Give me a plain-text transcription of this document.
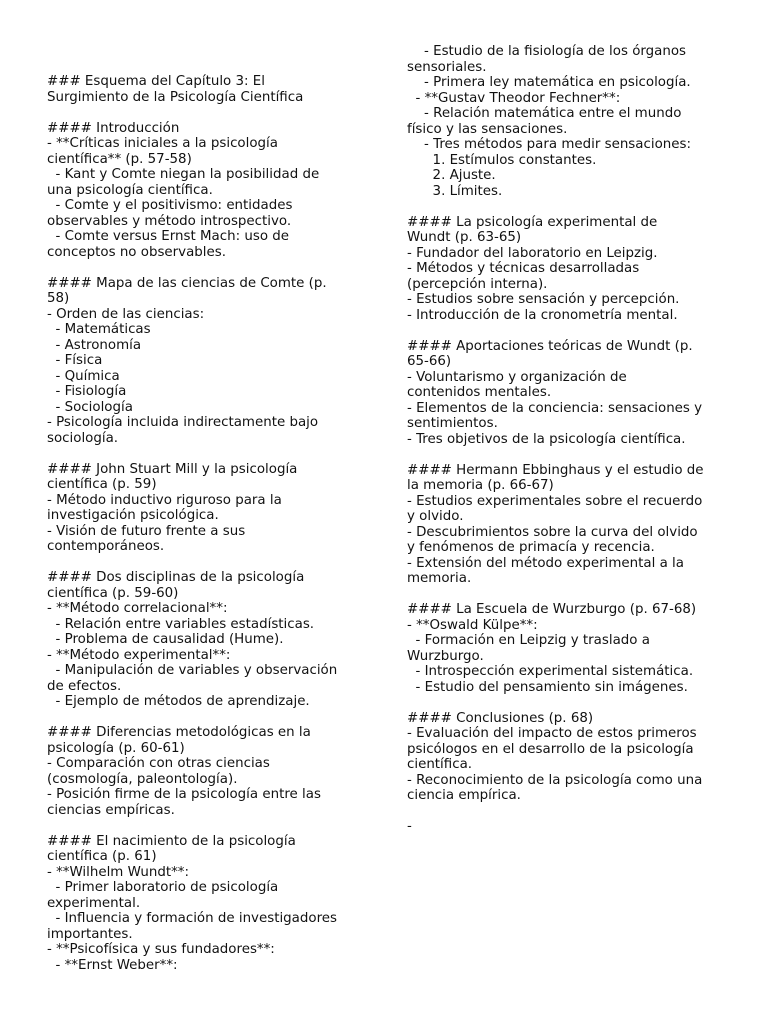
### Esquema del Capítulo 3: El
Surgimiento de la Psicología Científica
#### Introducción
- **Críticas iniciales a la psicología
científica** (p. 57-58)
- Kant y Comte niegan la posibilidad de
una psicología científica.
- Comte y el positivismo: entidades
observables y método introspectivo.
- Comte versus Ernst Mach: uso de
conceptos no observables.
#### Mapa de las ciencias de Comte (p.
58)
- Orden de las ciencias:
- Matemáticas
- Astronomía
- Física
- Química
- Fisiología
- Sociología
- Psicología incluida indirectamente bajo
sociología.
#### John Stuart Mill y la psicología
científica (p. 59)
- Método inductivo riguroso para la
investigación psicológica.
- Visión de futuro frente a sus
contemporáneos.
#### Dos disciplinas de la psicología
científica (p. 59-60)
- **Método correlacional**:
- Relación entre variables estadísticas.
- Problema de causalidad (Hume).
- **Método experimental**:
- Manipulación de variables y observación
de efectos.
- Ejemplo de métodos de aprendizaje.
#### Diferencias metodológicas en la
psicología (p. 60-61)
- Comparación con otras ciencias
(cosmología, paleontología).
- Posición firme de la psicología entre las
ciencias empíricas.
#### El nacimiento de la psicología
científica (p. 61)
- **Wilhelm Wundt**:
- Primer laboratorio de psicología
experimental.
- Influencia y formación de investigadores
importantes.
- **Psicofísica y sus fundadores**:
- **Ernst Weber**:
- Estudio de la fisiología de los órganos
sensoriales.
- Primera ley matemática en psicología.
- **Gustav Theodor Fechner**:
- Relación matemática entre el mundo
físico y las sensaciones.
- Tres métodos para medir sensaciones:
1. Estímulos constantes.
2. Ajuste.
3. Límites.
#### La psicología experimental de
Wundt (p. 63-65)
- Fundador del laboratorio en Leipzig.
- Métodos y técnicas desarrolladas
(percepción interna).
- Estudios sobre sensación y percepción.
- Introducción de la cronometría mental.
#### Aportaciones teóricas de Wundt (p.
65-66)
- Voluntarismo y organización de
contenidos mentales.
- Elementos de la conciencia: sensaciones y
sentimientos.
- Tres objetivos de la psicología científica.
#### Hermann Ebbinghaus y el estudio de
la memoria (p. 66-67)
- Estudios experimentales sobre el recuerdo
y olvido.
- Descubrimientos sobre la curva del olvido
y fenómenos de primacía y recencia.
- Extensión del método experimental a la
memoria.
#### La Escuela de Wurzburgo (p. 67-68)
- **Oswald Külpe**:
- Formación en Leipzig y traslado a
Wurzburgo.
- Introspección experimental sistemática.
- Estudio del pensamiento sin imágenes.
#### Conclusiones (p. 68)
- Evaluación del impacto de estos primeros
psicólogos en el desarrollo de la psicología
científica.
- Reconocimiento de la psicología como una
ciencia empírica.
-
